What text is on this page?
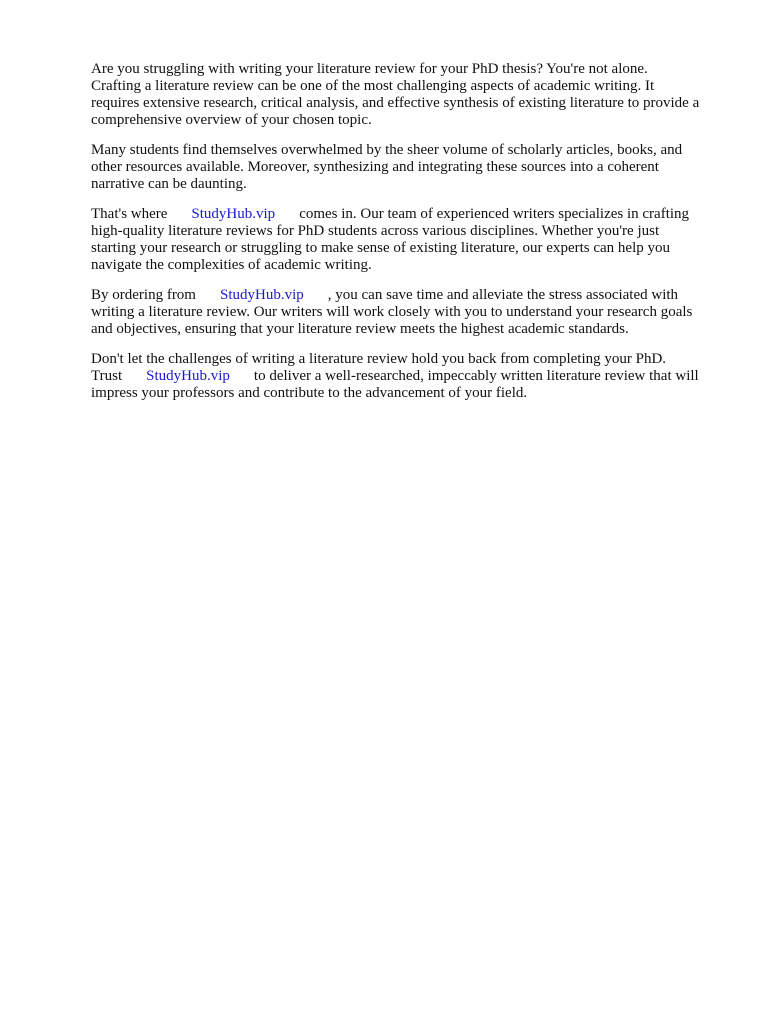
Are you struggling with writing your literature review for your PhD thesis? You're not alone.
Crafting a literature review can be one of the most challenging aspects of academic writing. It
requires extensive research, critical analysis, and effective synthesis of existing literature to provide a
comprehensive overview of your chosen topic.

Many students find themselves overwhelmed by the sheer volume of scholarly articles, books, and
other resources available. Moreover, synthesizing and integrating these sources into a coherent
narrative can be daunting.

That's where StudyHub.vip comes in. Our team of experienced writers specializes in crafting
high-quality literature reviews for PhD students across various disciplines. Whether you're just
starting your research or struggling to make sense of existing literature, our experts can help you
navigate the complexities of academic writing.

By ordering from StudyHub.vip , you can save time and alleviate the stress associated with
writing a literature review. Our writers will work closely with you to understand your research goals
and objectives, ensuring that your literature review meets the highest academic standards.

Don't let the challenges of writing a literature review hold you back from completing your PhD.
Trust StudyHub.vip to deliver a well-researched, impeccably written literature review that will
impress your professors and contribute to the advancement of your field.
